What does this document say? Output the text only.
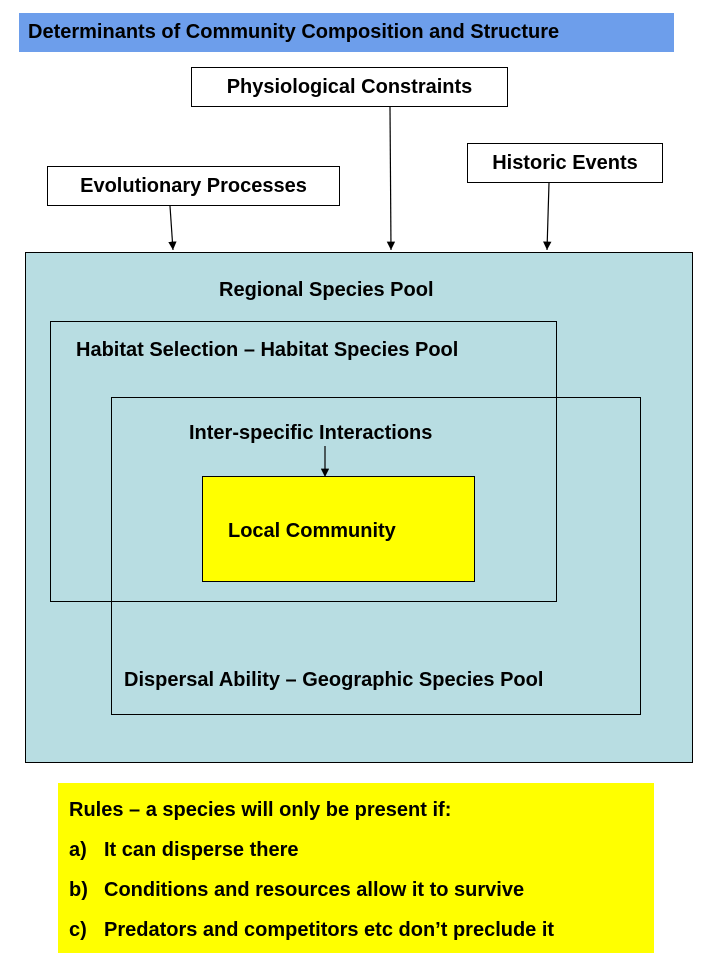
Determinants of Community Composition and Structure
Physiological Constraints
Historic Events
Evolutionary Processes
Regional Species Pool
Habitat Selection – Habitat Species Pool
Inter-specific Interactions
Dispersal Ability – Geographic Species Pool
Local Community
Rules – a species will only be present if:
a) It can disperse there
b) Conditions and resources allow it to survive
c) Predators and competitors etc don’t preclude it
